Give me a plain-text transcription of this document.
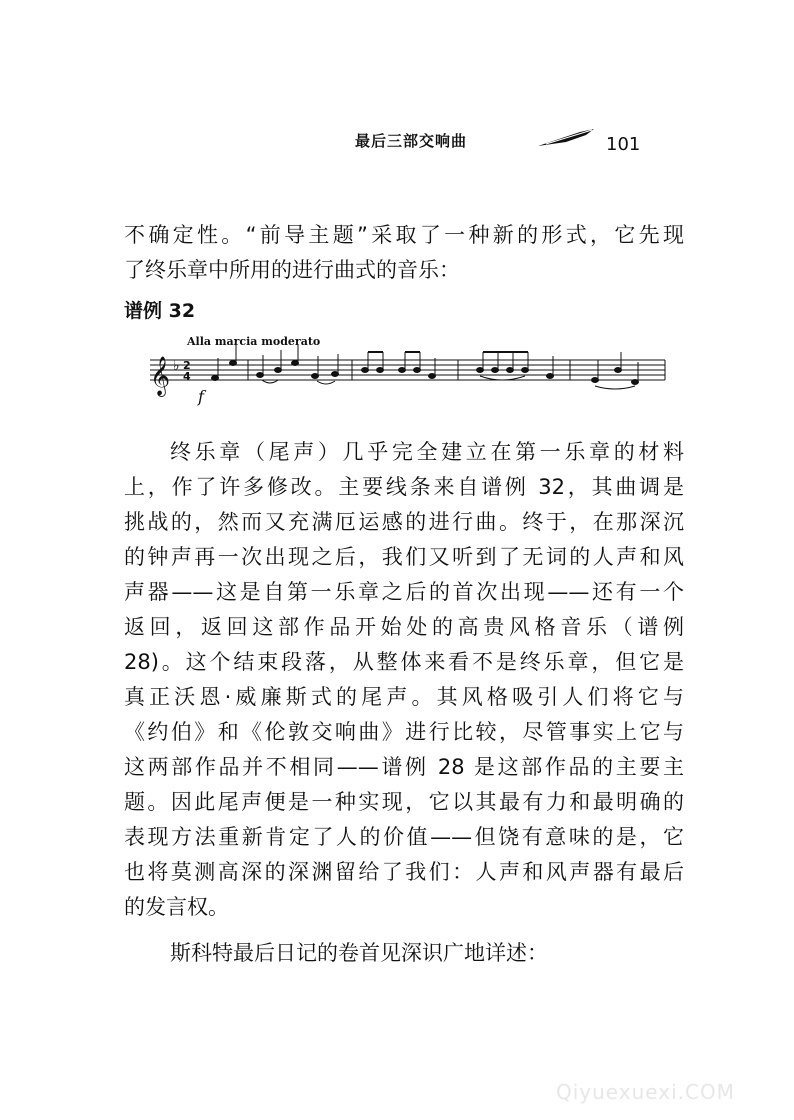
最后三部交响曲	101
不确定性。“前导主题”采取了一种新的形式，它先现
了终乐章中所用的进行曲式的音乐：
谱例 32
Alla marcia moderato
𝄞 ♭ 2
4
f
终乐章（尾声）几乎完全建立在第一乐章的材料
上，作了许多修改。主要线条来自谱例 32，其曲调是
挑战的，然而又充满厄运感的进行曲。终于，在那深沉
的钟声再一次出现之后，我们又听到了无词的人声和风
声器——这是自第一乐章之后的首次出现——还有一个
返回，返回这部作品开始处的高贵风格音乐（谱例
28)。这个结束段落，从整体来看不是终乐章，但它是
真正沃恩·威廉斯式的尾声。其风格吸引人们将它与
《约伯》和《伦敦交响曲》进行比较，尽管事实上它与
这两部作品并不相同——谱例 28 是这部作品的主要主
题。因此尾声便是一种实现，它以其最有力和最明确的
表现方法重新肯定了人的价值——但饶有意味的是，它
也将莫测高深的深渊留给了我们：人声和风声器有最后
的发言权。
斯科特最后日记的卷首见深识广地详述：
Qiyuexuexi.COM
